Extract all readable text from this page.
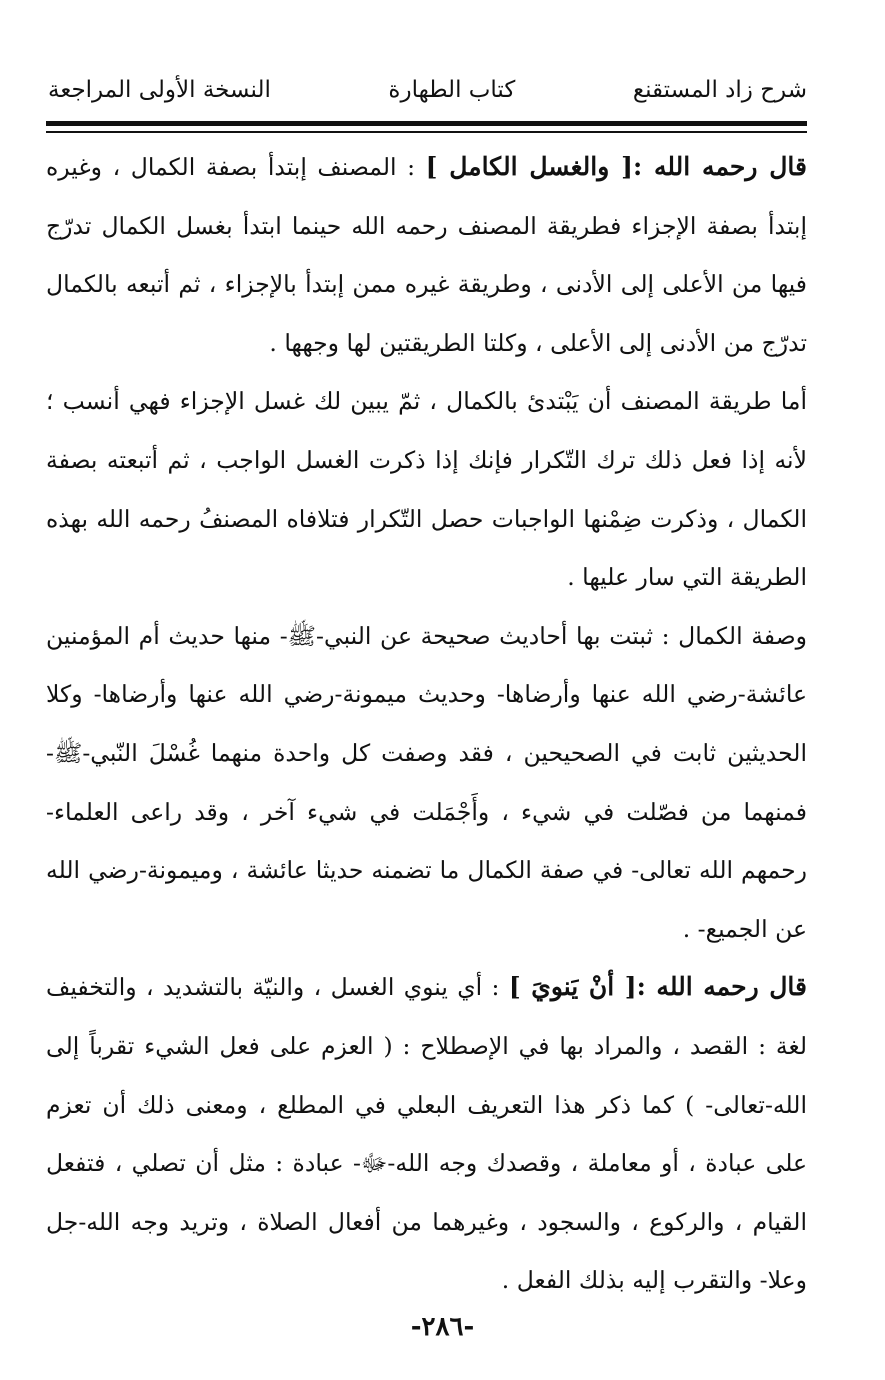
شرح زاد المستقنع
كتاب الطهارة
النسخة الأولى المراجعة

قال رحمه الله :[ والغسل الكامل ] : المصنف إبتدأ بصفة الكمال ، وغيره إبتدأ بصفة الإجزاء فطريقة المصنف رحمه الله حينما ابتدأ بغسل الكمال تدرّج فيها من الأعلى إلى الأدنى ، وطريقة غيره ممن إبتدأ بالإجزاء ، ثم أتبعه بالكمال تدرّج من الأدنى إلى الأعلى ، وكلتا الطريقتين لها وجهها .

أما طريقة المصنف أن يَبْتدئ بالكمال ، ثمّ يبين لك غسل الإجزاء فهي أنسب ؛ لأنه إذا فعل ذلك ترك التّكرار فإنك إذا ذكرت الغسل الواجب ، ثم أتبعته بصفة الكمال ، وذكرت ضِمْنها الواجبات حصل التّكرار فتلافاه المصنفُ رحمه الله بهذه الطريقة التي سار عليها .

وصفة الكمال : ثبتت بها أحاديث صحيحة عن النبي-ﷺ- منها حديث أم المؤمنين عائشة-رضي الله عنها وأرضاها- وحديث ميمونة-رضي الله عنها وأرضاها- وكلا الحديثين ثابت في الصحيحين ، فقد وصفت كل واحدة منهما غُسْلَ النّبي-ﷺ- فمنهما من فصّلت في شيء ، وأَجْمَلت في شيء آخر ، وقد راعى العلماء-رحمهم الله تعالى- في صفة الكمال ما تضمنه حديثا عائشة ، وميمونة-رضي الله عن الجميع- .

قال رحمه الله :[ أنْ يَنويَ ] : أي ينوي الغسل ، والنيّة بالتشديد ، والتخفيف لغة : القصد ، والمراد بها في الإصطلاح : ( العزم على فعل الشيء تقرباً إلى الله-تعالى- ) كما ذكر هذا التعريف البعلي في المطلع ، ومعنى ذلك أن تعزم على عبادة ، أو معاملة ، وقصدك وجه الله-ﷻ- عبادة : مثل أن تصلي ، فتفعل القيام ، والركوع ، والسجود ، وغيرهما من أفعال الصلاة ، وتريد وجه الله-جل وعلا- والتقرب إليه بذلك الفعل .

-٢٨٦-
